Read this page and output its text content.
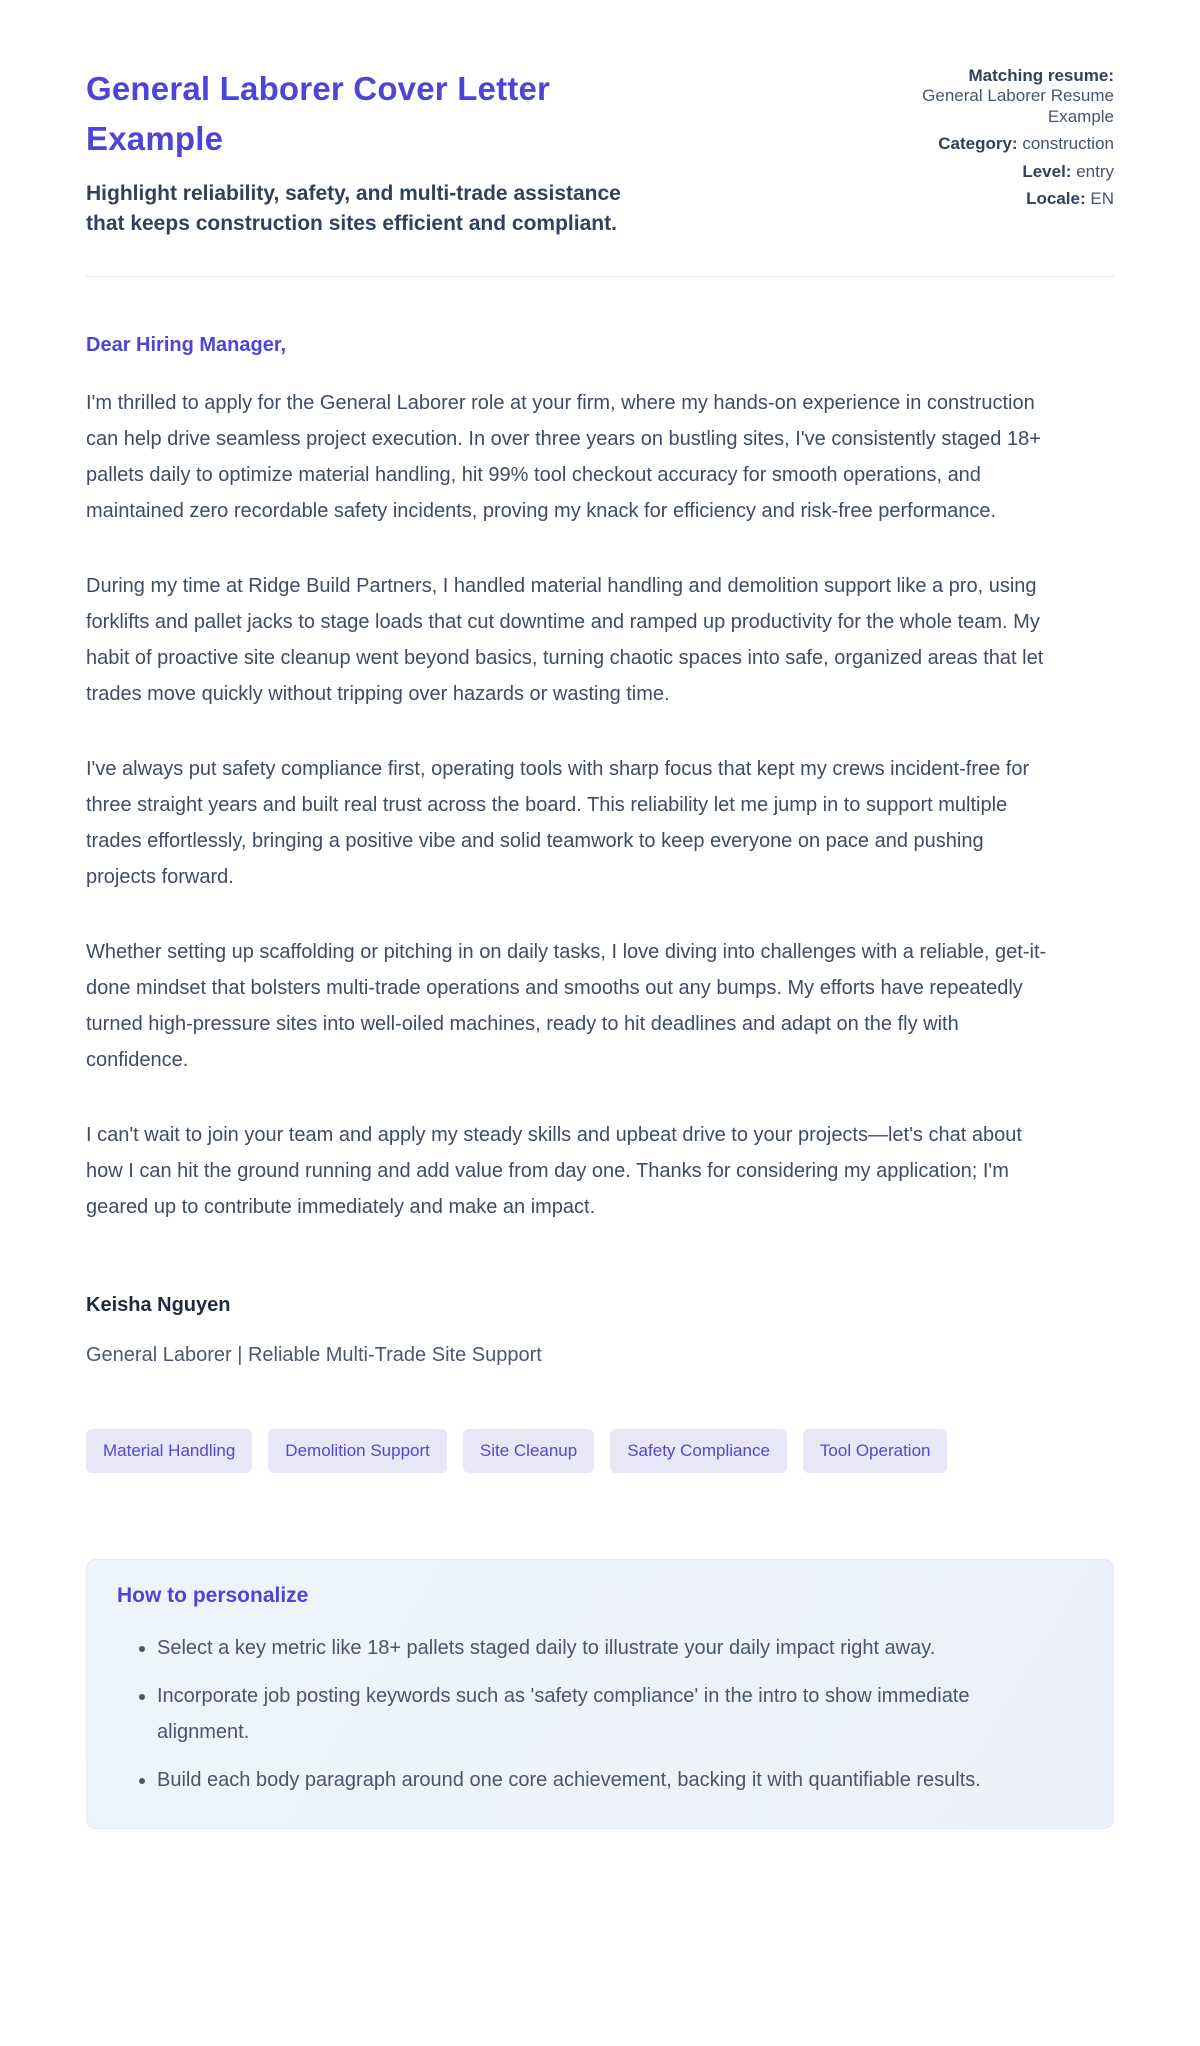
General Laborer Cover Letter Example

Highlight reliability, safety, and multi-trade assistance that keeps construction sites efficient and compliant.

Matching resume:
General Laborer Resume Example
Category: construction
Level: entry
Locale: EN

Dear Hiring Manager,

I'm thrilled to apply for the General Laborer role at your firm, where my hands-on experience in construction can help drive seamless project execution. In over three years on bustling sites, I've consistently staged 18+ pallets daily to optimize material handling, hit 99% tool checkout accuracy for smooth operations, and maintained zero recordable safety incidents, proving my knack for efficiency and risk-free performance.

During my time at Ridge Build Partners, I handled material handling and demolition support like a pro, using forklifts and pallet jacks to stage loads that cut downtime and ramped up productivity for the whole team. My habit of proactive site cleanup went beyond basics, turning chaotic spaces into safe, organized areas that let trades move quickly without tripping over hazards or wasting time.

I've always put safety compliance first, operating tools with sharp focus that kept my crews incident-free for three straight years and built real trust across the board. This reliability let me jump in to support multiple trades effortlessly, bringing a positive vibe and solid teamwork to keep everyone on pace and pushing projects forward.

Whether setting up scaffolding or pitching in on daily tasks, I love diving into challenges with a reliable, get-it-done mindset that bolsters multi-trade operations and smooths out any bumps. My efforts have repeatedly turned high-pressure sites into well-oiled machines, ready to hit deadlines and adapt on the fly with confidence.

I can't wait to join your team and apply my steady skills and upbeat drive to your projects—let's chat about how I can hit the ground running and add value from day one. Thanks for considering my application; I'm geared up to contribute immediately and make an impact.

Keisha Nguyen

General Laborer | Reliable Multi-Trade Site Support

Material Handling	Demolition Support	Site Cleanup	Safety Compliance	Tool Operation
How to personalize
• Select a key metric like 18+ pallets staged daily to illustrate your daily impact right away.
• Incorporate job posting keywords such as 'safety compliance' in the intro to show immediate alignment.
• Build each body paragraph around one core achievement, backing it with quantifiable results.
